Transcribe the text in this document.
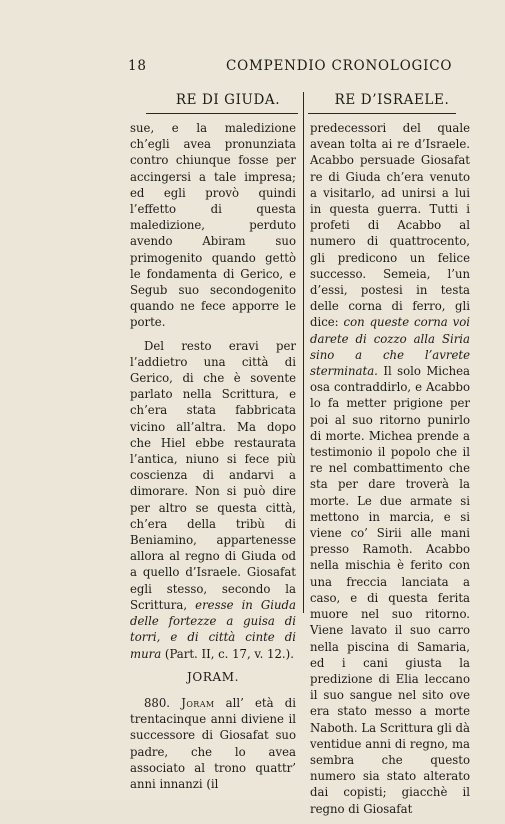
18	COMPENDIO CRONOLOGICO
RE DI GIUDA.	RE D’ISRAELE.

sue, e la maledizione ch’egli avea pronunziata contro chiunque fosse per accingersi a tale impresa; ed egli provò quindi l’effetto di questa maledizione, perduto avendo Abiram suo primogenito quando gettò le fondamenta di Gerico, e Segub suo secondogenito quando ne fece apporre le porte.

Del resto eravi per l’addietro una città di Gerico, di che è sovente parlato nella Scrittura, e ch’era stata fabbricata vicino all’altra. Ma dopo che Hiel ebbe restaurata l’antica, niuno si fece più coscienza di andarvi a dimorare. Non si può dire per altro se questa città, ch’era della tribù di Beniamino, appartenesse allora al regno di Giuda od a quello d’Israele. Giosafat egli stesso, secondo la Scrittura, eresse in Giuda delle fortezze a guisa di torri, e di città cinte di mura (Part. II, c. 17, v. 12.).

JORAM.

880. Joram all’ età di trentacinque anni diviene il successore di Giosafat suo padre, che lo avea associato al trono quattr’ anni innanzi (il

predecessori del quale avean tolta ai re d’Israele. Acabbo persuade Giosafat re di Giuda ch’era venuto a visitarlo, ad unirsi a lui in questa guerra. Tutti i profeti di Acabbo al numero di quattrocento, gli predicono un felice successo. Semeia, l’un d’essi, postesi in testa delle corna di ferro, gli dice: con queste corna voi darete di cozzo alla Siria sino a che l’avrete sterminata. Il solo Michea osa contraddirlo, e Acabbo lo fa metter prigione per poi al suo ritorno punirlo di morte. Michea prende a testimonio il popolo che il re nel combattimento che sta per dare troverà la morte. Le due armate si mettono in marcia, e si viene co’ Sirii alle mani presso Ramoth. Acabbo nella mischia è ferito con una freccia lanciata a caso, e di questa ferita muore nel suo ritorno. Viene lavato il suo carro nella piscina di Samaria, ed i cani giusta la predizione di Elia leccano il suo sangue nel sito ove era stato messo a morte Naboth. La Scrittura gli dà ventidue anni di regno, ma sembra che questo numero sia stato alterato dai copisti; giacchè il regno di Giosafat
